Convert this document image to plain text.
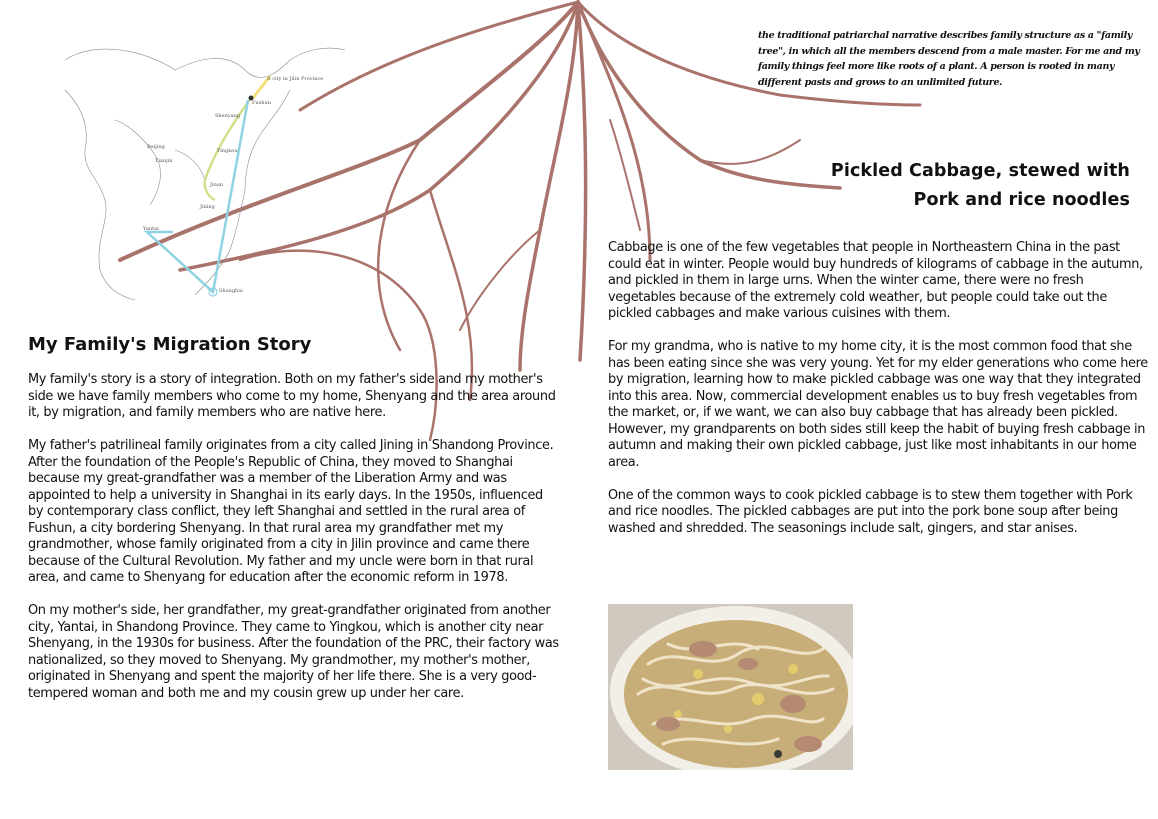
A city in Jilin Province
Fushun
Shenyang
Yingkou
Jinan
Beijing
Jining
Yantai
Shanghai
Tianjin
the traditional patriarchal narrative describes family structure as a "family tree", in which all the members descend from a male master. For me and my family things feel more like roots of a plant. A person is rooted in many different pasts and grows to an unlimited future.
Pickled Cabbage, stewed with
Pork and rice noodles

Cabbage is one of the few vegetables that people in Northeastern China in the past could eat in winter. People would buy hundreds of kilograms of cabbage in the autumn, and pickled in them in large urns. When the winter came, there were no fresh vegetables because of the extremely cold weather, but people could take out the pickled cabbages and make various cuisines with them.

For my grandma, who is native to my home city, it is the most common food that she has been eating since she was very young. Yet for my elder generations who come here by migration, learning how to make pickled cabbage was one way that they integrated into this area. Now, commercial development enables us to buy fresh vegetables from the market, or, if we want, we can also buy cabbage that has already been pickled. However, my grandparents on both sides still keep the habit of buying fresh cabbage in autumn and making their own pickled cabbage, just like most inhabitants in our home area.

One of the common ways to cook pickled cabbage is to stew them together with Pork and rice noodles. The pickled cabbages are put into the pork bone soup after being washed and shredded. The seasonings include salt, gingers, and star anises.

My Family's Migration Story

My family's story is a story of integration. Both on my father's side and my mother's side we have family members who come to my home, Shenyang and the area around it, by migration, and family members who are native here.

My father's patrilineal family originates from a city called Jining in Shandong Province. After the foundation of the People's Republic of China, they moved to Shanghai because my great-grandfather was a member of the Liberation Army and was appointed to help a university in Shanghai in its early days. In the 1950s, influenced by contemporary class conflict, they left Shanghai and settled in the rural area of Fushun, a city bordering Shenyang. In that rural area my grandfather met my grandmother, whose family originated from a city in Jilin province and came there because of the Cultural Revolution. My father and my uncle were born in that rural area, and came to Shenyang for education after the economic reform in 1978.

On my mother's side, her grandfather, my great-grandfather originated from another city, Yantai, in Shandong Province. They came to Yingkou, which is another city near Shenyang, in the 1930s for business. After the foundation of the PRC, their factory was nationalized, so they moved to Shenyang. My grandmother, my mother's mother, originated in Shenyang and spent the majority of her life there. She is a very good-tempered woman and both me and my cousin grew up under her care.
